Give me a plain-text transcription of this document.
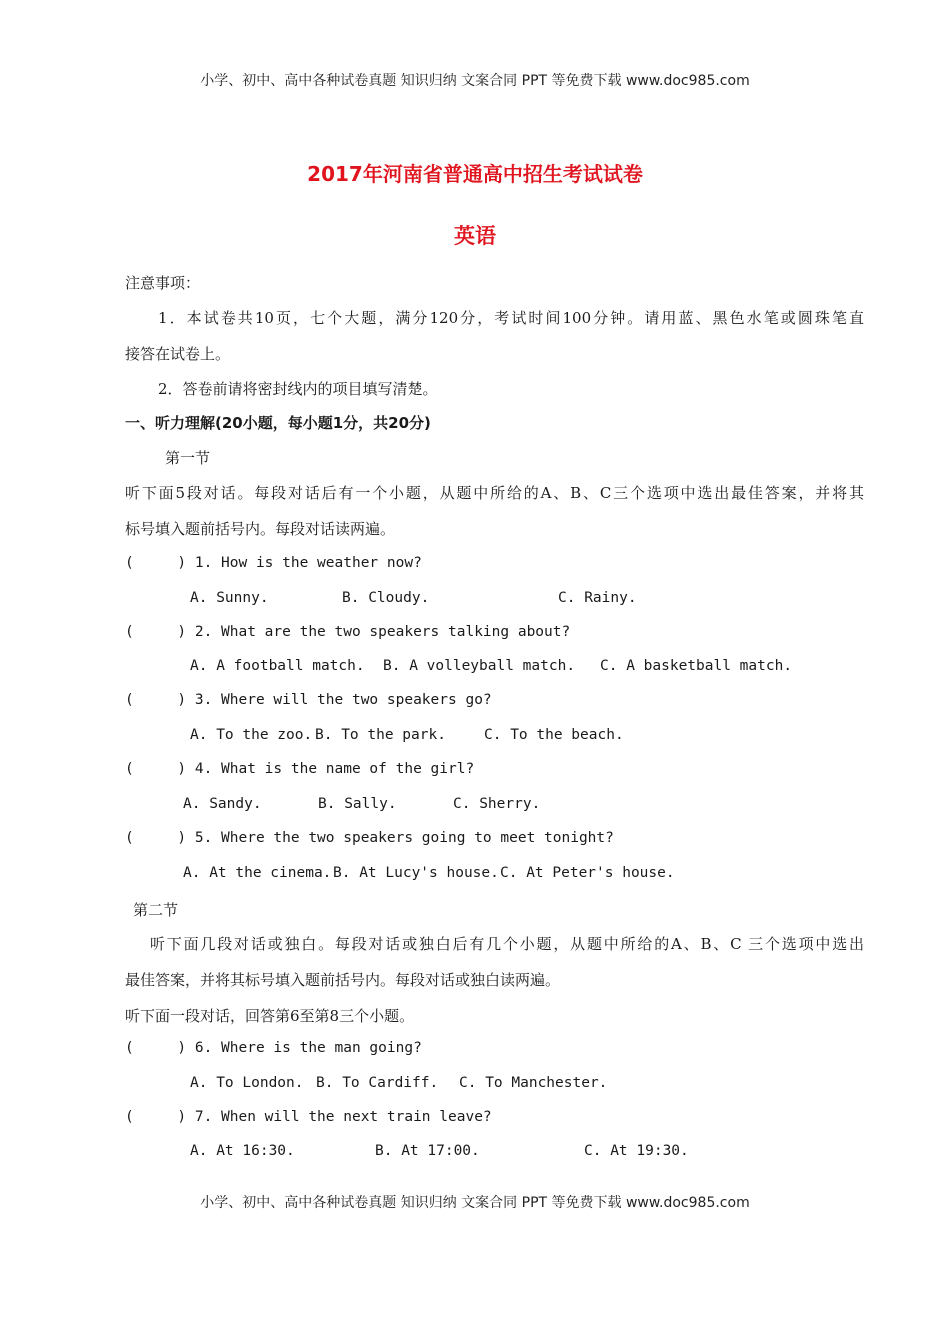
小学、初中、高中各种试卷真题 知识归纳 文案合同 PPT 等免费下载 www.doc985.com
2017年河南省普通高中招生考试试卷
英语
注意事项：
1．本试卷共10页，七个大题，满分120分，考试时间100分钟。请用蓝、黑色水笔或圆珠笔直
接答在试卷上。
2．答卷前请将密封线内的项目填写清楚。
一、听力理解(20小题，每小题1分，共20分)
第一节
听下面5段对话。每段对话后有一个小题，从题中所给的A、B、C三个选项中选出最佳答案，并将其
标号填入题前括号内。每段对话读两遍。
(     ) 1. How is the weather now?
A. Sunny.	B. Cloudy.	C. Rainy.
(     ) 2. What are the two speakers talking about?
A. A football match. B. A volleyball match. C. A basketball match.
(     ) 3. Where will the two speakers go?
A. To the zoo. B. To the park.	C. To the beach.
(     ) 4. What is the name of the girl?
A. Sandy.	B. Sally.	C. Sherry.
(     ) 5. Where the two speakers going to meet tonight?
A. At the cinema. B. At Lucy's house. C. At Peter's house.
第二节
听下面几段对话或独白。每段对话或独白后有几个小题，从题中所给的A、B、C 三个选项中选出
最佳答案，并将其标号填入题前括号内。每段对话或独白读两遍。
听下面一段对话，回答第6至第8三个小题。
(     ) 6. Where is the man going?
A. To London. B. To Cardiff. C. To Manchester.
(     ) 7. When will the next train leave?
A. At 16:30.	B. At 17:00.	C. At 19:30.
小学、初中、高中各种试卷真题 知识归纳 文案合同 PPT 等免费下载 www.doc985.com
